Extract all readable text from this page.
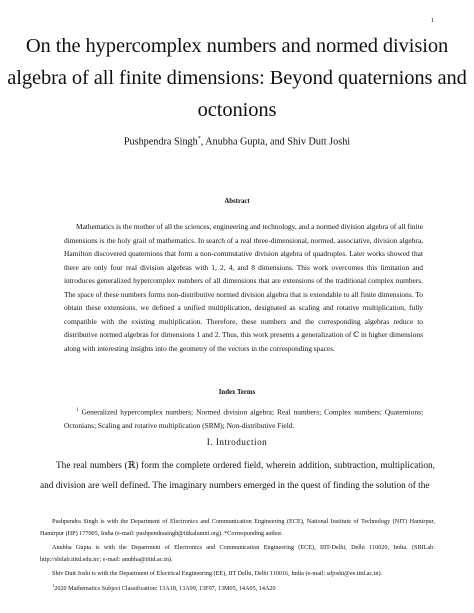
1
On the hypercomplex numbers and normed division algebra of all finite dimensions: Beyond quaternions and octonions
Pushpendra Singh*, Anubha Gupta, and Shiv Dutt Joshi
Abstract
Mathematics is the mother of all the sciences, engineering and technology, and a normed division algebra of all finite dimensions is the holy grail of mathematics. In search of a real three-dimensional, normed, associative, division algebra, Hamilton discovered quaternions that form a non-commutative division algebra of quadruples. Later works showed that there are only four real division algebras with 1, 2, 4, and 8 dimensions. This work overcomes this limitation and introduces generalized hypercomplex numbers of all dimensions that are extensions of the traditional complex numbers. The space of these numbers forms non-distributive normed division algebra that is extendable to all finite dimensions. To obtain these extensions, we defined a unified multiplication, designated as scaling and rotative multiplication, fully compatible with the existing multiplication. Therefore, these numbers and the corresponding algebras reduce to distributive normed algebras for dimensions 1 and 2. Thus, this work presents a generalization of ℂ in higher dimensions along with interesting insights into the geometry of the vectors in the corresponding spaces.
Index Terms
$^1$ Generalized hypercomplex numbers; Normed division algebra; Real numbers; Complex numbers; Quaternions; Octonians; Scaling and rotative multiplication (SRM); Non-distributive Field.
I. Introduction
The real numbers (ℝ) form the complete ordered field, wherein addition, subtraction, multiplication, and division are well defined. The imaginary numbers emerged in the quest of finding the solution of the

Pushpendra Singh is with the Department of Electronics and Communication Engineering (ECE), National Institute of Technology (NIT) Hamirpur, Hamirpur (HP) 177005, India (e-mail: pushpendrasingh@iitkalumni.org). *Corresponding author.

Anubha Gupta is with the Department of Electronics and Communication Engineering (ECE), IIIT-Delhi, Delhi 110020, India. (SBILab: http://sbilab.iiitd.edu.in/; e-mail: anubha@iiitd.ac.in).

Shiv Dutt Joshi is with the Department of Electrical Engineering (EE), IIT Delhi, Delhi 110016, India (e-mail: sdjoshi@ee.iitd.ac.in).

$^1$2020 Mathematics Subject Classification: 13A18, 13A99, 13F07, 13M05, 14A05, 14A20
